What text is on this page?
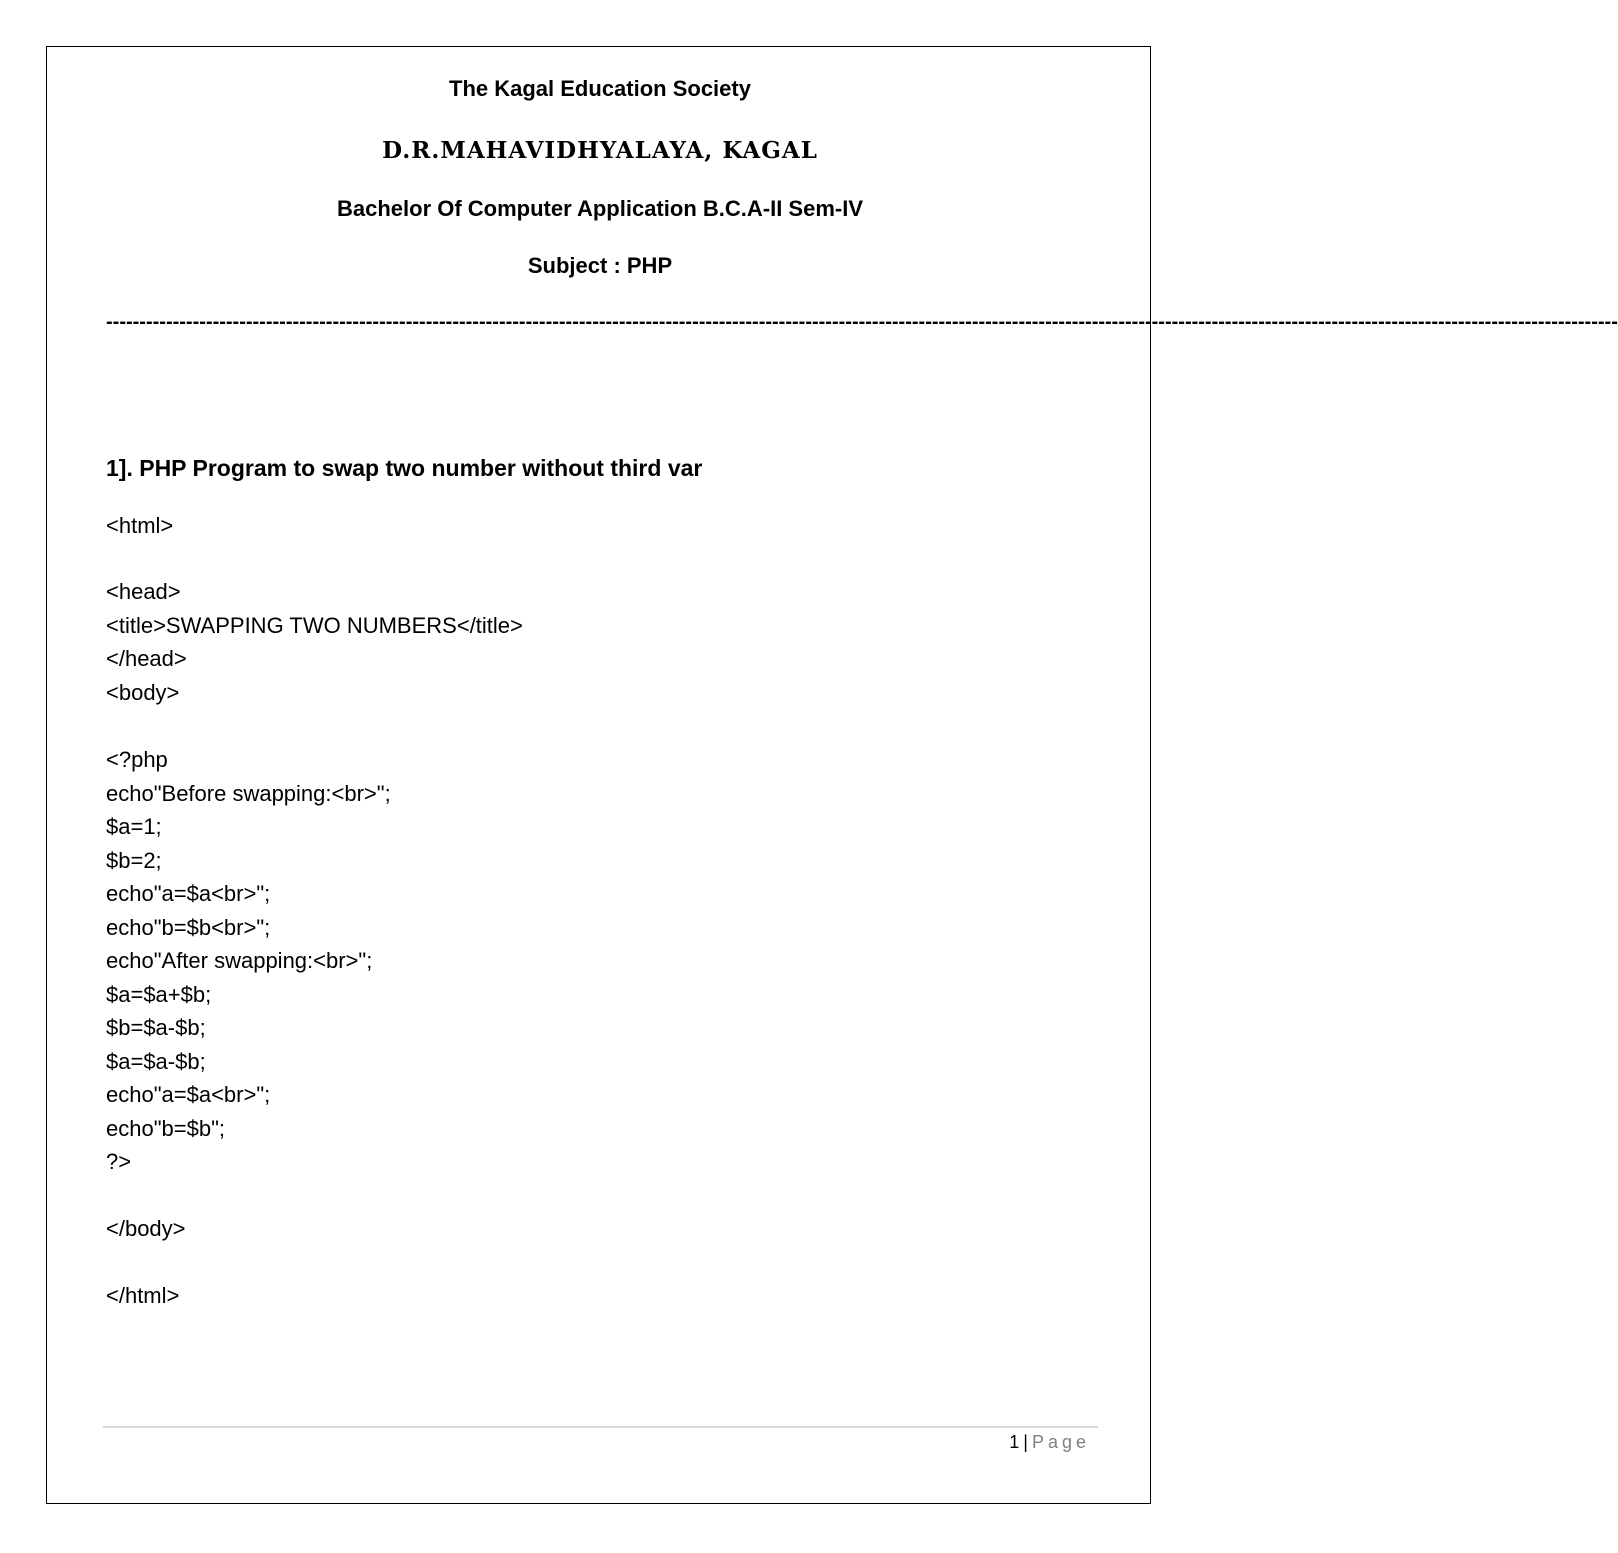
The Kagal Education Society
D.R.MAHAVIDHYALAYA, KAGAL
Bachelor Of Computer Application B.C.A-II Sem-IV
Subject : PHP
-----------------------------------------------------------------------------------------------------------------------------------------------------------------------------------------------------------------------------------
1]. PHP Program to swap two number without third var
<html>
<head>
<title>SWAPPING TWO NUMBERS</title>
</head>
<body>
<?php
echo"Before swapping:<br>";
$a=1;
$b=2;
echo"a=$a<br>";
echo"b=$b<br>";
echo"After swapping:<br>";
$a=$a+$b;
$b=$a-$b;
$a=$a-$b;
echo"a=$a<br>";
echo"b=$b";
?>
</body>
</html>
1 | Page
